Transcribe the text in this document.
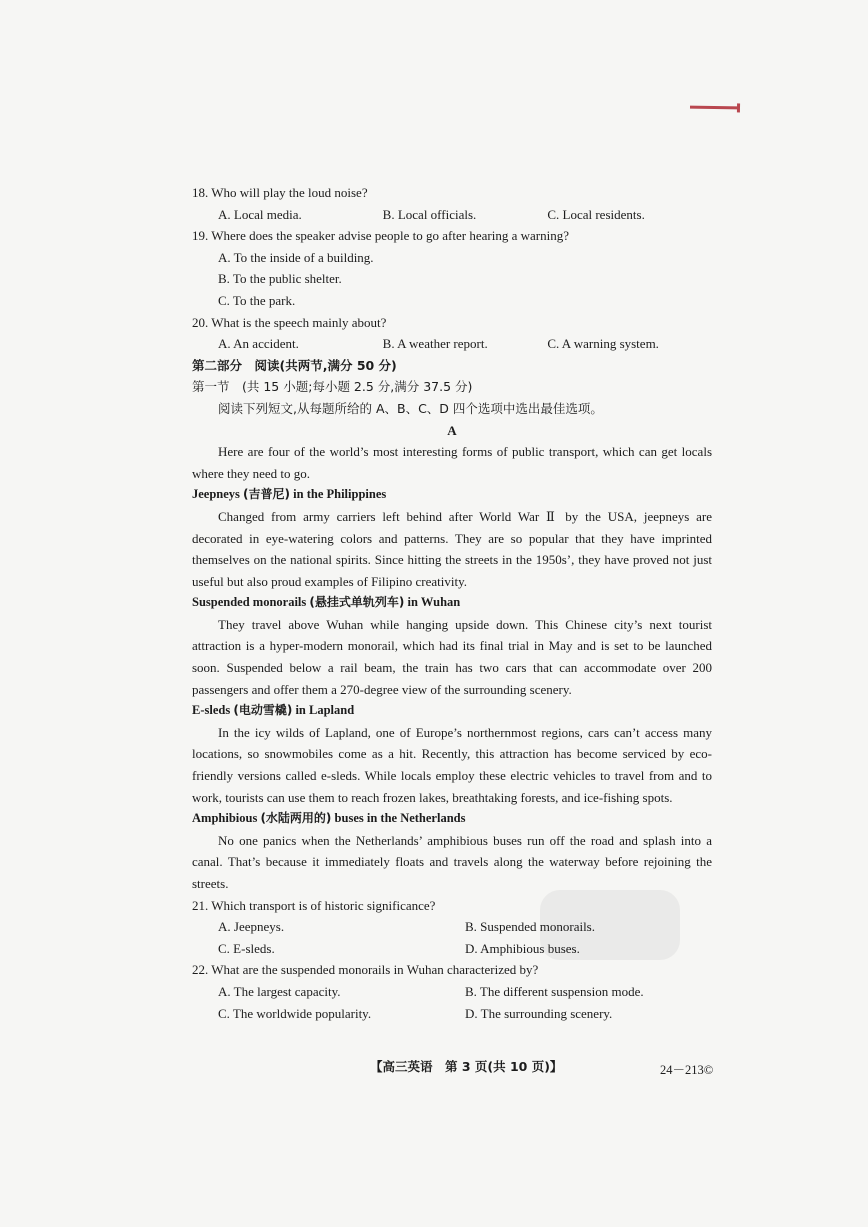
18. Who will play the loud noise?

A. Local media.	B. Local officials.	C. Local residents.

19. Where does the speaker advise people to go after hearing a warning?

A. To the inside of a building.

B. To the public shelter.

C. To the park.

20. What is the speech mainly about?

A. An accident.	B. A weather report.	C. A warning system.

第二部分　阅读(共两节,满分 50 分)

第一节　(共 15 小题;每小题 2.5 分,满分 37.5 分)

阅读下列短文,从每题所给的 A、B、C、D 四个选项中选出最佳选项。

A

Here are four of the world’s most interesting forms of public transport, which can get locals where they need to go.

Jeepneys (吉普尼) in the Philippines

Changed from army carriers left behind after World War Ⅱ by the USA, jeepneys are decorated in eye-watering colors and patterns. They are so popular that they have imprinted themselves on the national spirits. Since hitting the streets in the 1950s’, they have proved not just useful but also proud examples of Filipino creativity.

Suspended monorails (悬挂式单轨列车) in Wuhan

They travel above Wuhan while hanging upside down. This Chinese city’s next tourist attraction is a hyper-modern monorail, which had its final trial in May and is set to be launched soon. Suspended below a rail beam, the train has two cars that can accommodate over 200 passengers and offer them a 270-degree view of the surrounding scenery.

E-sleds (电动雪橇) in Lapland

In the icy wilds of Lapland, one of Europe’s northernmost regions, cars can’t access many locations, so snowmobiles come as a hit. Recently, this attraction has become serviced by eco-friendly versions called e-sleds. While locals employ these electric vehicles to travel from and to work, tourists can use them to reach frozen lakes, breathtaking forests, and ice-fishing spots.

Amphibious (水陆两用的) buses in the Netherlands

No one panics when the Netherlands’ amphibious buses run off the road and splash into a canal. That’s because it immediately floats and travels along the waterway before rejoining the streets.

21. Which transport is of historic significance?

A. Jeepneys.	B. Suspended monorails.
C. E-sleds.	D. Amphibious buses.

22. What are the suspended monorails in Wuhan characterized by?

A. The largest capacity.	B. The different suspension mode.
C. The worldwide popularity.	D. The surrounding scenery.
【高三英语　第 3 页(共 10 页)】	24－213©
